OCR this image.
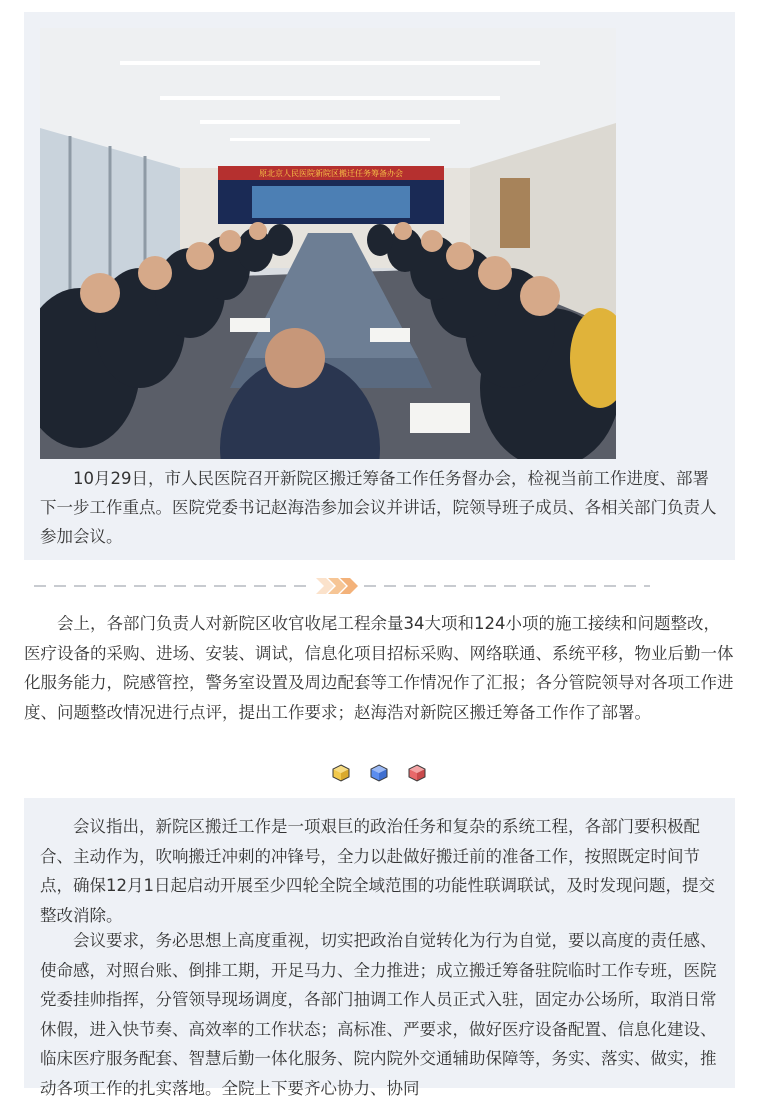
原北京人民医院新院区搬迁任务筹备办会

10月29日，市人民医院召开新院区搬迁筹备工作任务督办会，检视当前工作进度、部署下一步工作重点。医院党委书记赵海浩参加会议并讲话，院领导班子成员、各相关部门负责人参加会议。

会上，各部门负责人对新院区收官收尾工程余量34大项和124小项的施工接续和问题整改，医疗设备的采购、进场、安装、调试，信息化项目招标采购、网络联通、系统平移，物业后勤一体化服务能力，院感管控，警务室设置及周边配套等工作情况作了汇报；各分管院领导对各项工作进度、问题整改情况进行点评，提出工作要求；赵海浩对新院区搬迁筹备工作作了部署。

会议指出，新院区搬迁工作是一项艰巨的政治任务和复杂的系统工程，各部门要积极配合、主动作为，吹响搬迁冲刺的冲锋号，全力以赴做好搬迁前的准备工作，按照既定时间节点，确保12月1日起启动开展至少四轮全院全域范围的功能性联调联试，及时发现问题，提交整改消除。

会议要求，务必思想上高度重视，切实把政治自觉转化为行为自觉，要以高度的责任感、使命感，对照台账、倒排工期，开足马力、全力推进；成立搬迁筹备驻院临时工作专班，医院党委挂帅指挥，分管领导现场调度，各部门抽调工作人员正式入驻，固定办公场所，取消日常休假，进入快节奏、高效率的工作状态；高标准、严要求，做好医疗设备配置、信息化建设、临床医疗服务配套、智慧后勤一体化服务、院内院外交通辅助保障等，务实、落实、做实，推动各项工作的扎实落地。全院上下要齐心协力、协同
